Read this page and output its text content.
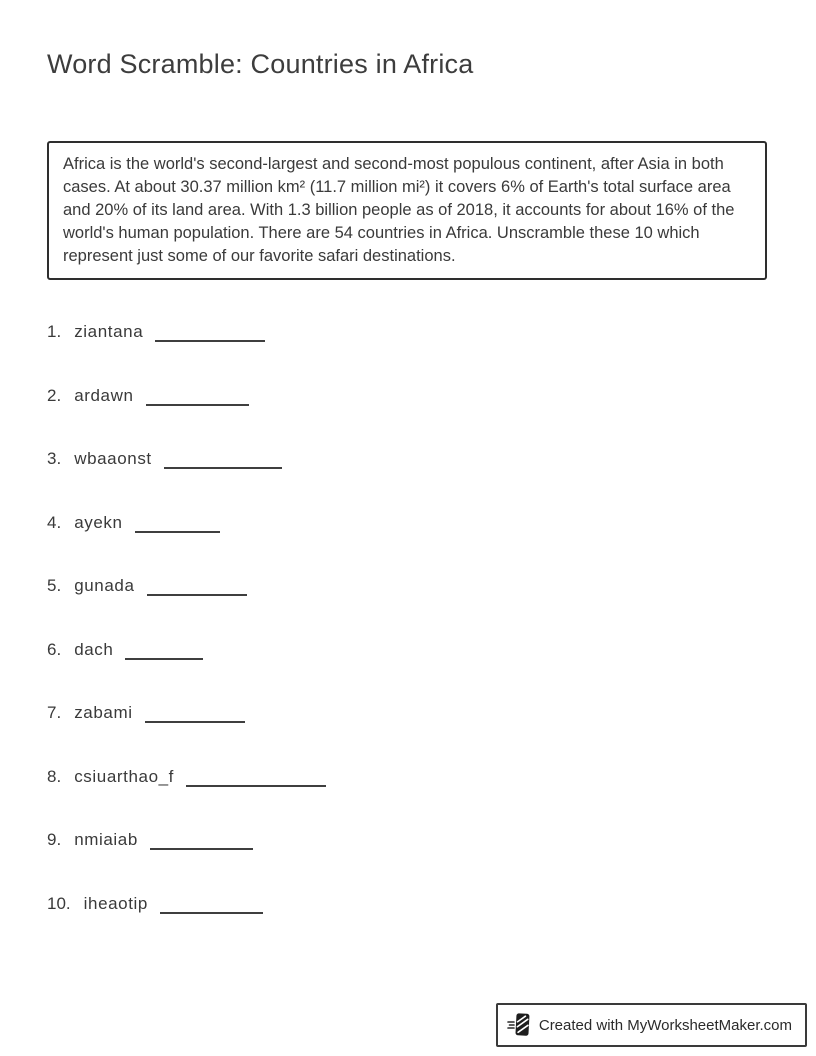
Word Scramble: Countries in Africa

Africa is the world's second-largest and second-most populous continent, after Asia in both cases. At about 30.37 million km² (11.7 million mi²) it covers 6% of Earth's total surface area and 20% of its land area. With 1.3 billion people as of 2018, it accounts for about 16% of the world's human population. There are 54 countries in Africa. Unscramble these 10 which represent just some of our favorite safari destinations.

1. ziantana
2. ardawn
3. wbaaonst
4. ayekn
5. gunada
6. dach
7. zabami
8. csiuarthao_f
9. nmiaiab
10. iheaotip
Created with MyWorksheetMaker.com
